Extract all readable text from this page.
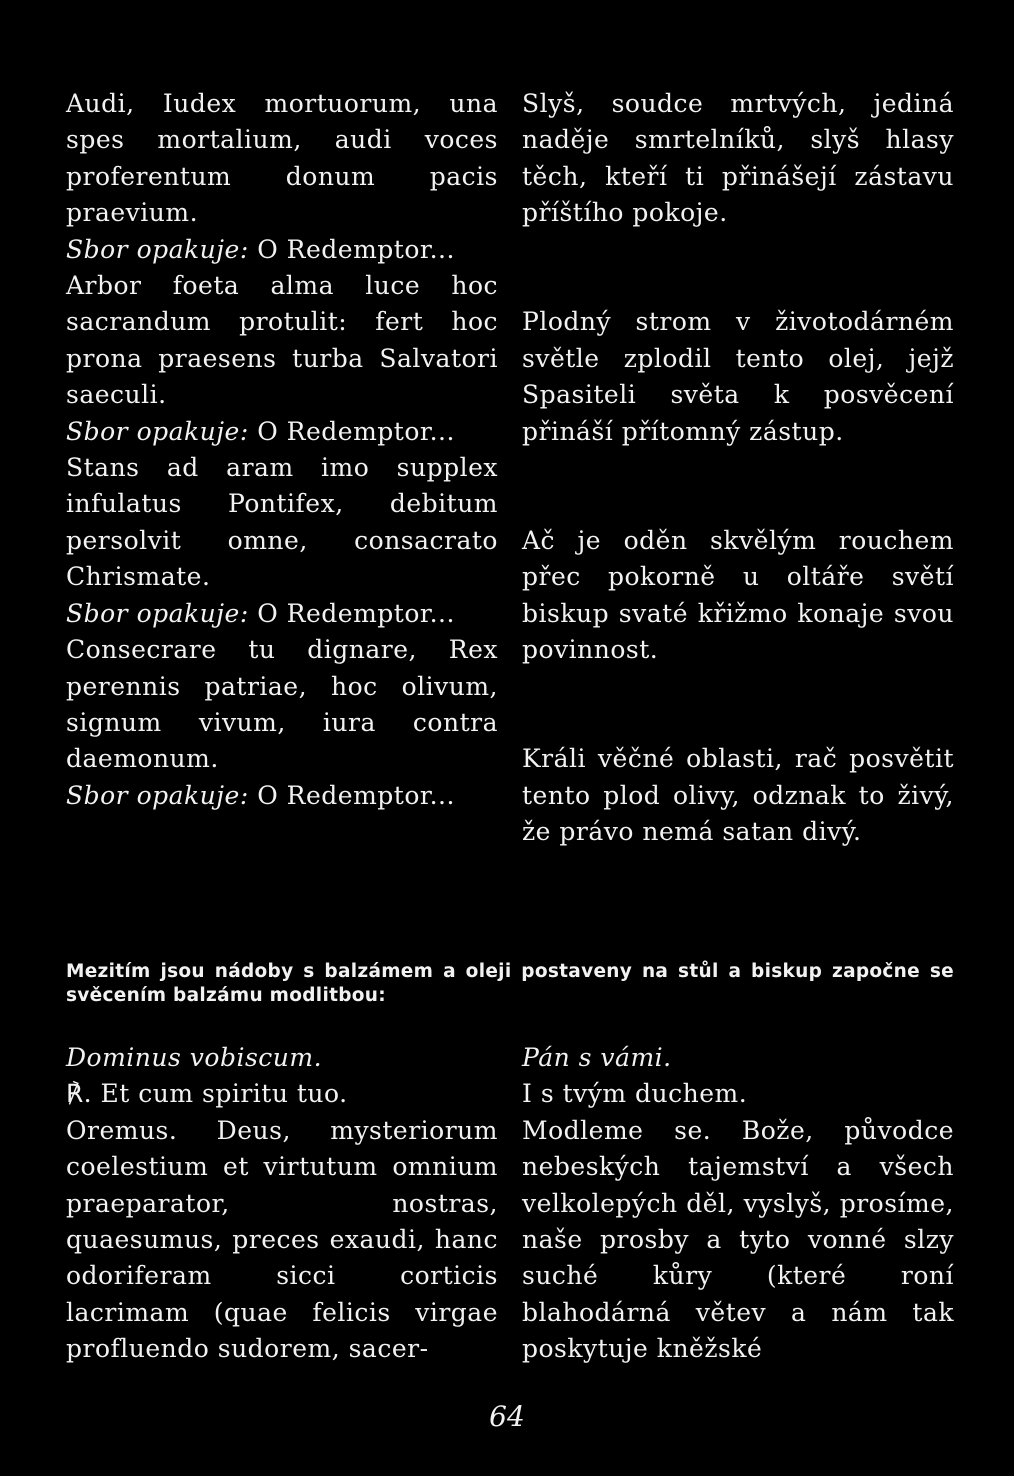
Audi, Iudex mortuorum, una spes mortalium, audi voces proferentum donum pacis praevium.
Sbor opakuje: O Redemptor...

Arbor foeta alma luce hoc sacrandum protulit: fert hoc prona praesens turba Salvatori saeculi.
Sbor opakuje: O Redemptor...

Stans ad aram imo supplex infulatus Pontifex, debitum persolvit omne, consacrato Chrismate.
Sbor opakuje: O Redemptor...

Consecrare tu dignare, Rex perennis patriae, hoc olivum, signum vivum, iura contra daemonum.
Sbor opakuje: O Redemptor...

Slyš, soudce mrtvých, jediná naděje smrtelníků, slyš hlasy těch, kteří ti přinášejí zástavu příštího pokoje.

Plodný strom v životodárném světle zplodil tento olej, jejž Spasiteli světa k posvěcení přináší přítomný zástup.

Ač je oděn skvělým rouchem přec pokorně u oltáře světí biskup svaté křižmo konaje svou povinnost.

Králi věčné oblasti, rač posvětit tento plod olivy, odznak to živý, že právo nemá satan divý.

Mezitím jsou nádoby s balzámem a oleji postaveny na stůl a biskup započne se svěcením balzámu modlitbou:
Dominus vobiscum.
℟. Et cum spiritu tuo.

Oremus. Deus, mysteriorum coelestium et virtutum omnium praeparator, nostras, quaesumus, preces exaudi, hanc odoriferam sicci corticis lacrimam (quae felicis virgae profluendo sudorem, sacer-

Pán s vámi.
I s tvým duchem.

Modleme se. Bože, původce nebeských tajemství a všech velkolepých děl, vyslyš, prosíme, naše prosby a tyto vonné slzy suché kůry (které roní blahodárná větev a nám tak poskytuje kněžské

64
